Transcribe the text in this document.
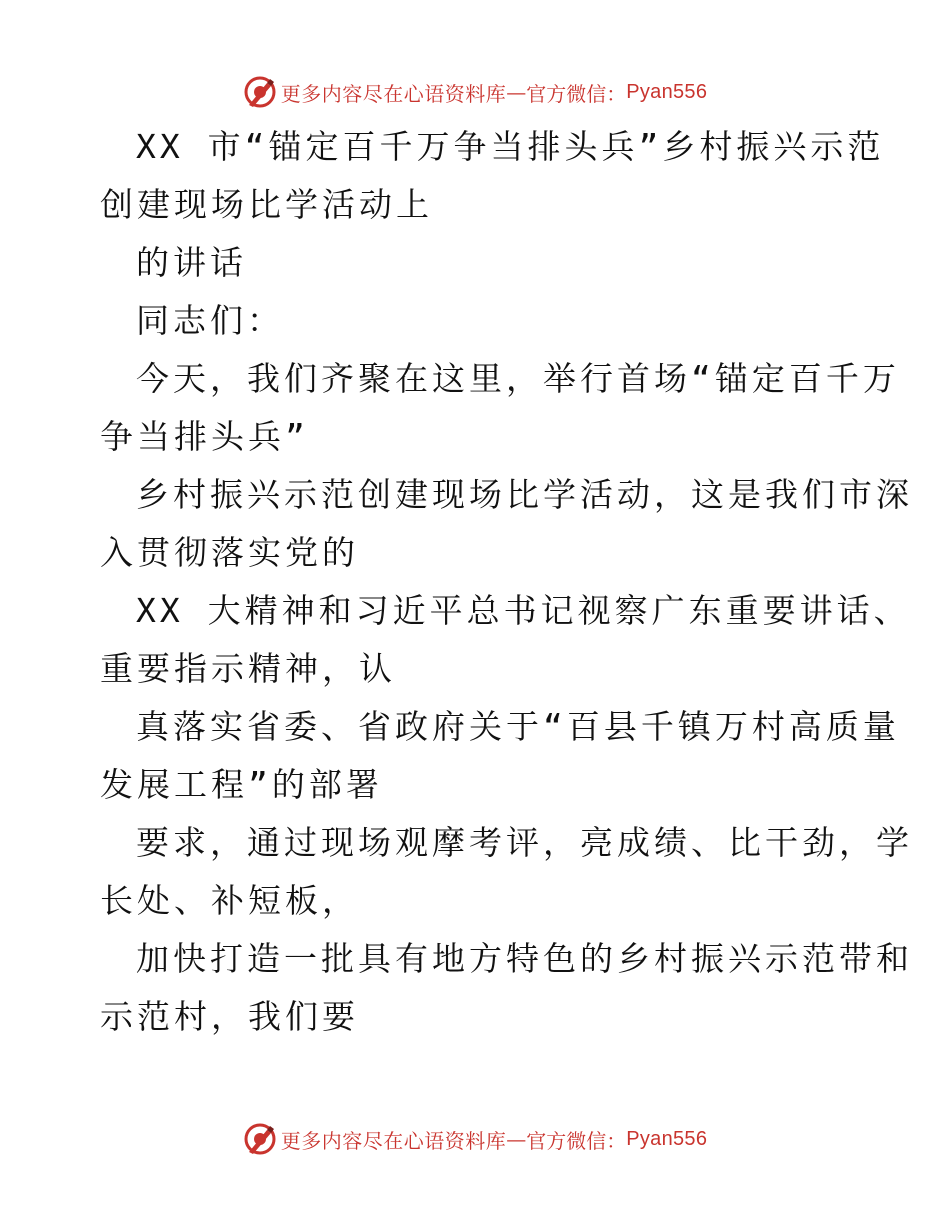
更多内容尽在心语资料库 — 官方微信： Pyan556
XX 市“锚定百千万争当排头兵”乡村振兴示范
创建现场比学活动上
的讲话
同志们：
今天，我们齐聚在这里，举行首场“锚定百千万
争当排头兵”
乡村振兴示范创建现场比学活动，这是我们市深
入贯彻落实党的
XX 大精神和习近平总书记视察广东重要讲话、
重要指示精神，认
真落实省委、省政府关于“百县千镇万村高质量
发展工程”的部署
要求，通过现场观摩考评，亮成绩、比干劲，学
长处、补短板，
加快打造一批具有地方特色的乡村振兴示范带和
示范村，我们要
更多内容尽在心语资料库 — 官方微信： Pyan556
